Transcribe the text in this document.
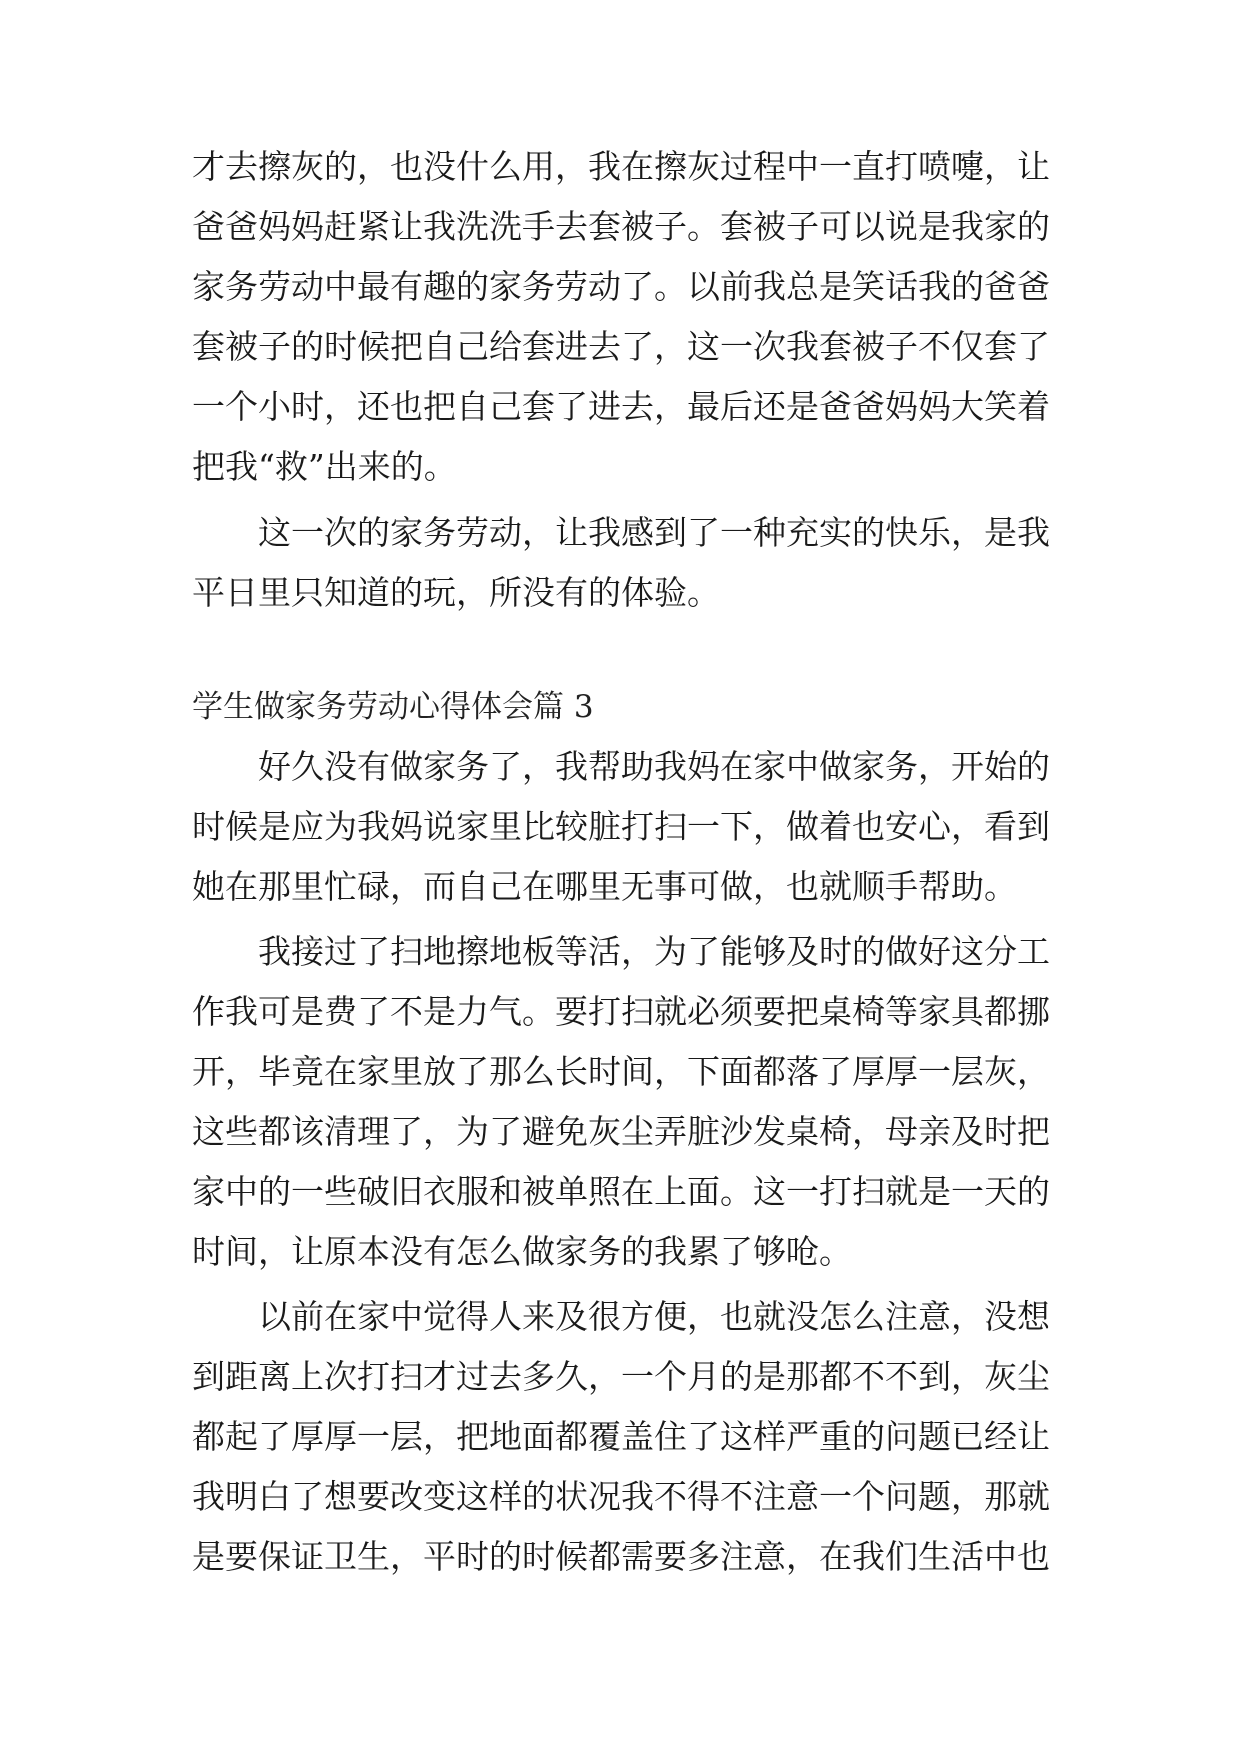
才去擦灰的，也没什么用，我在擦灰过程中一直打喷嚏，让
爸爸妈妈赶紧让我洗洗手去套被子。套被子可以说是我家的
家务劳动中最有趣的家务劳动了。以前我总是笑话我的爸爸
套被子的时候把自己给套进去了，这一次我套被子不仅套了
一个小时，还也把自己套了进去，最后还是爸爸妈妈大笑着
把我“救”出来的。
这一次的家务劳动，让我感到了一种充实的快乐，是我
平日里只知道的玩，所没有的体验。
学生做家务劳动心得体会篇 3
好久没有做家务了，我帮助我妈在家中做家务，开始的
时候是应为我妈说家里比较脏打扫一下，做着也安心，看到
她在那里忙碌，而自己在哪里无事可做，也就顺手帮助。
我接过了扫地擦地板等活，为了能够及时的做好这分工
作我可是费了不是力气。要打扫就必须要把桌椅等家具都挪
开，毕竟在家里放了那么长时间，下面都落了厚厚一层灰，
这些都该清理了，为了避免灰尘弄脏沙发桌椅，母亲及时把
家中的一些破旧衣服和被单照在上面。这一打扫就是一天的
时间，让原本没有怎么做家务的我累了够呛。
以前在家中觉得人来及很方便，也就没怎么注意，没想
到距离上次打扫才过去多久，一个月的是那都不不到，灰尘
都起了厚厚一层，把地面都覆盖住了这样严重的问题已经让
我明白了想要改变这样的状况我不得不注意一个问题，那就
是要保证卫生，平时的时候都需要多注意，在我们生活中也
